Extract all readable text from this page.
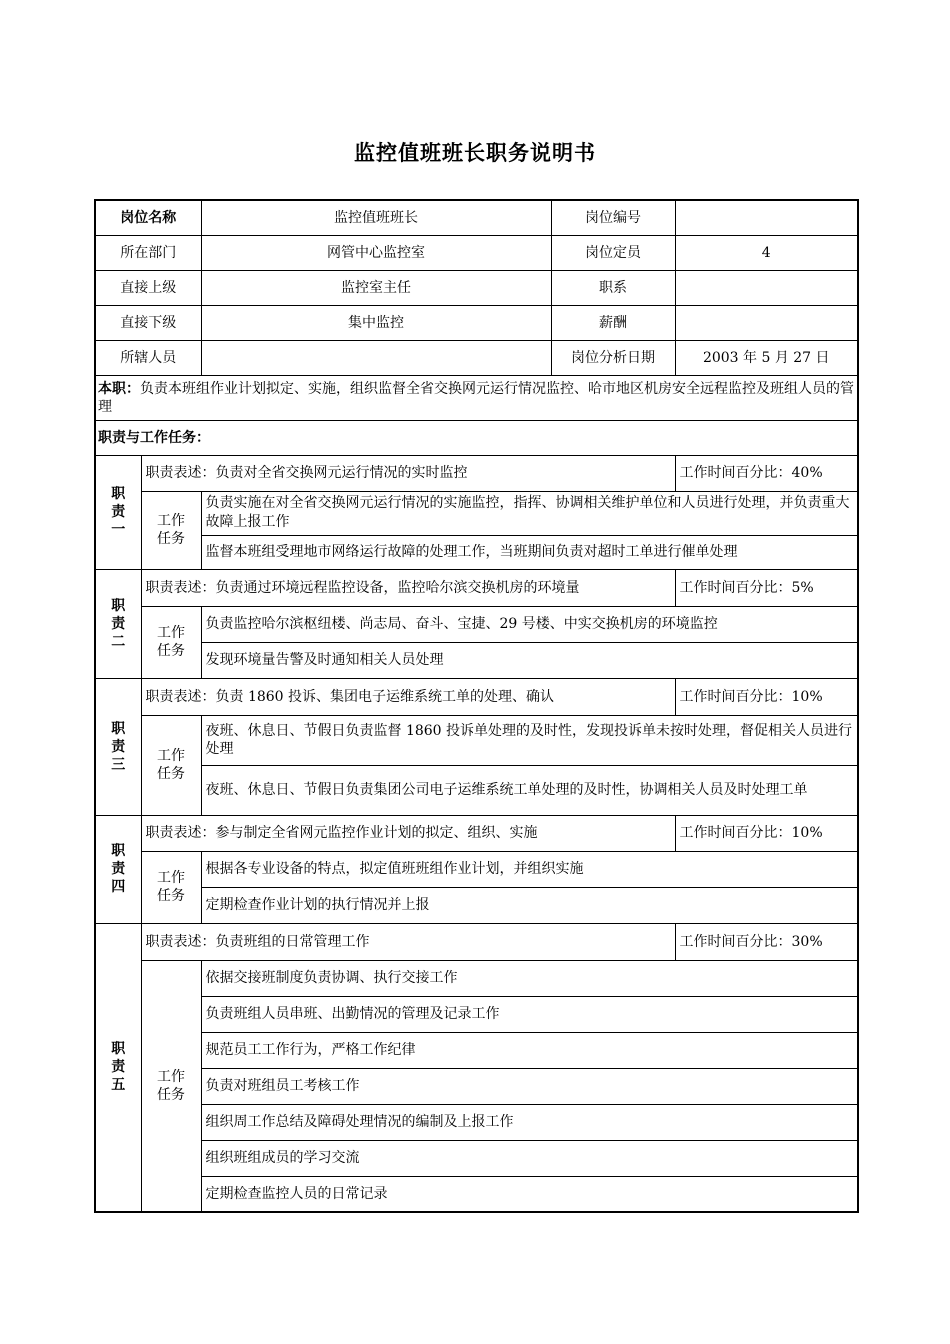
监控值班班长职务说明书
岗位名称		监控值班班长	岗位编号	
所在部门		网管中心监控室	岗位定员	4
直接上级		监控室主任	职系	
直接下级		集中监控	薪酬	
所辖人员			岗位分析日期	2003 年 5 月 27 日
本职：负责本班组作业计划拟定、实施，组织监督全省交换网元运行情况监控、哈市地区机房安全远程监控及班组人员的管理				
职责与工作任务：				

职
责
一	职责表述：负责对全省交换网元运行情况的实时监控			工作时间百分比：40%

	工作
任务	负责实施在对全省交换网元运行情况的实施监控，指挥、协调相关维护单位和人员进行处理，并负责重大故障上报工作		
		监督本班组受理地市网络运行故障的处理工作，当班期间负责对超时工单进行催单处理		

职
责
二	职责表述：负责通过环境远程监控设备，监控哈尔滨交换机房的环境量			工作时间百分比：5%

	工作
任务	负责监控哈尔滨枢纽楼、尚志局、奋斗、宝捷、29 号楼、中实交换机房的环境监控		
		发现环境量告警及时通知相关人员处理		

职
责
三	职责表述：负责 1860 投诉、集团电子运维系统工单的处理、确认			工作时间百分比：10%

	工作
任务	夜班、休息日、节假日负责监督 1860 投诉单处理的及时性，发现投诉单未按时处理，督促相关人员进行处理		
		夜班、休息日、节假日负责集团公司电子运维系统工单处理的及时性，协调相关人员及时处理工单		

职
责
四	职责表述：参与制定全省网元监控作业计划的拟定、组织、实施			工作时间百分比：10%

	工作
任务	根据各专业设备的特点，拟定值班班组作业计划，并组织实施		
		定期检查作业计划的执行情况并上报		

职
责
五	职责表述：负责班组的日常管理工作			工作时间百分比：30%

	工作
任务	依据交接班制度负责协调、执行交接工作		
		负责班组人员串班、出勤情况的管理及记录工作		
		规范员工工作行为，严格工作纪律		
		负责对班组员工考核工作		
		组织周工作总结及障碍处理情况的编制及上报工作		
		组织班组成员的学习交流		
		定期检查监控人员的日常记录		
